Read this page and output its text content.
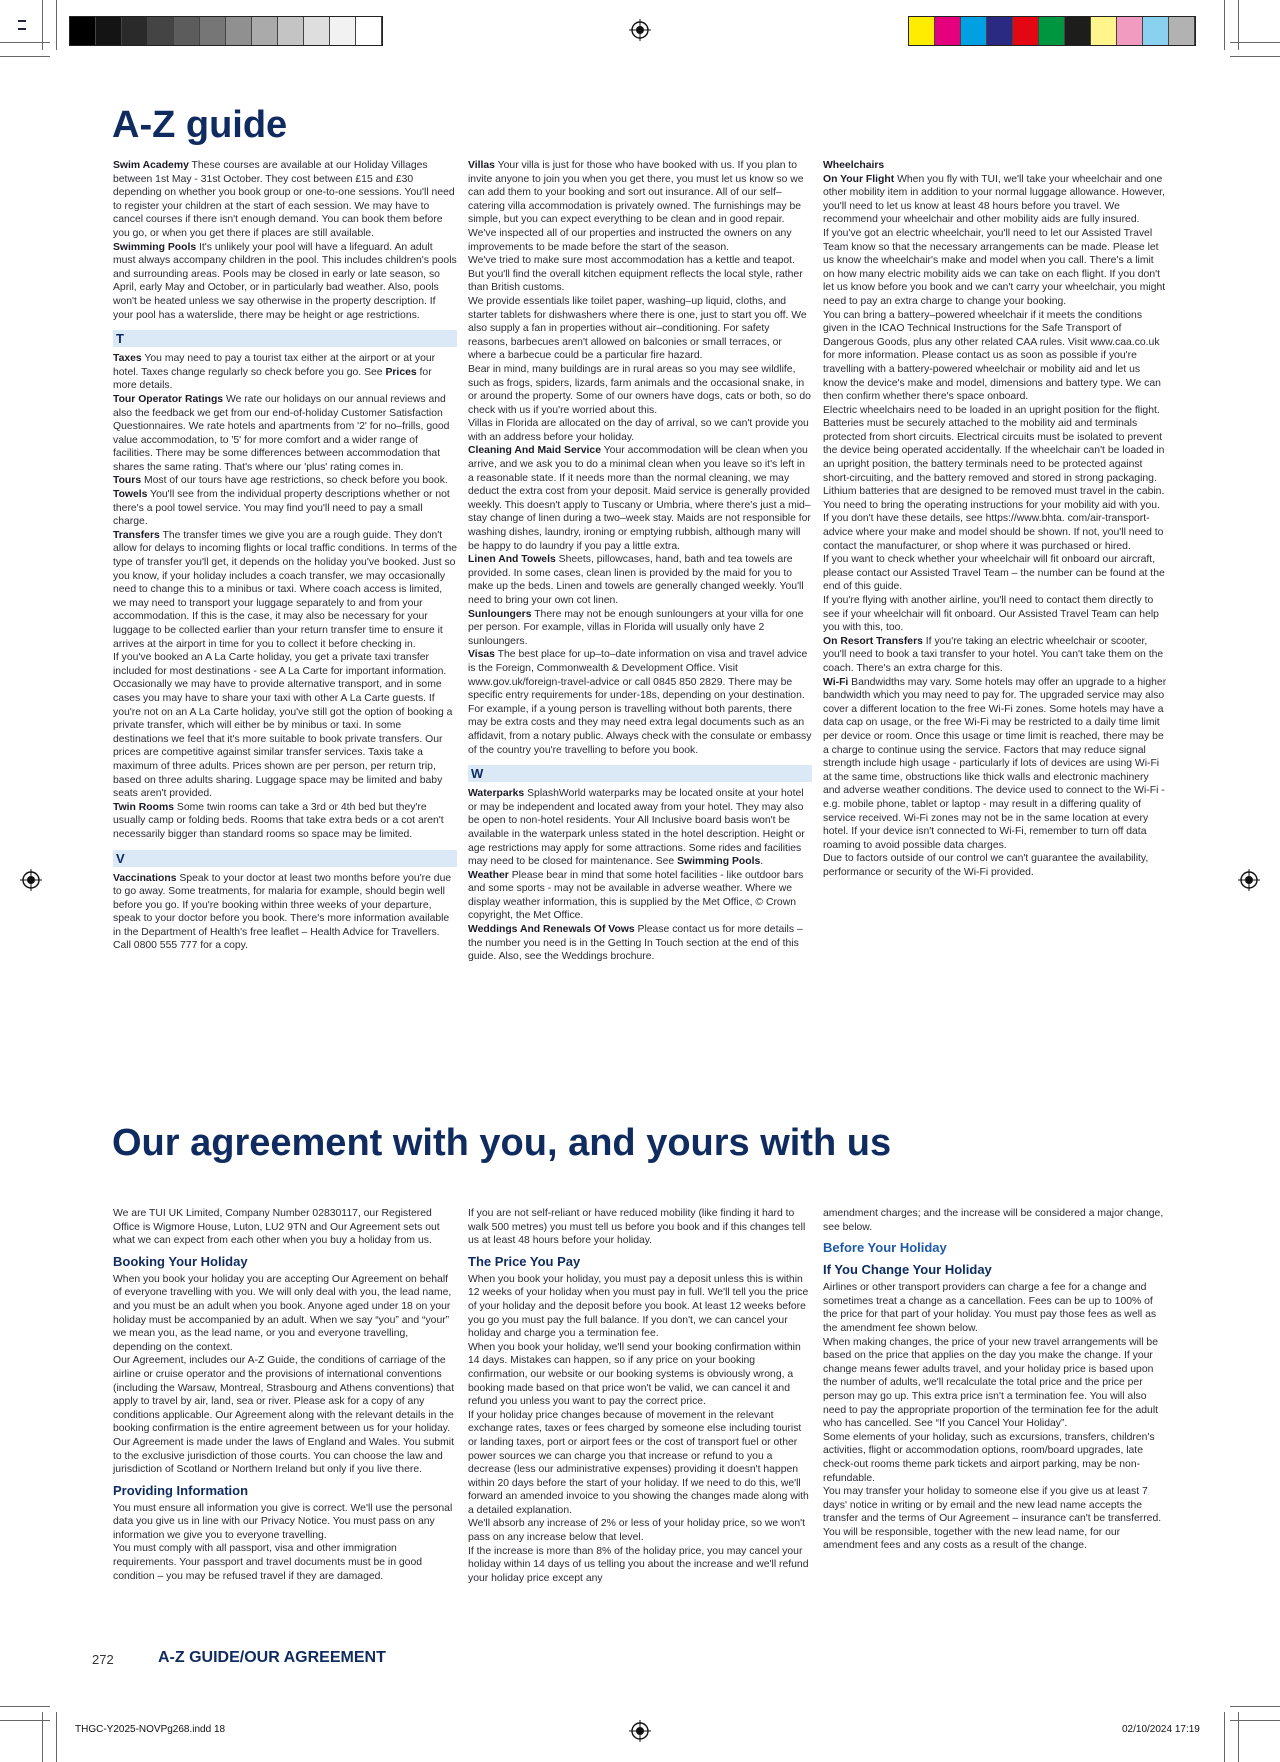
A-Z guide

Swim Academy These courses are available at our Holiday Villages between 1st May - 31st October. They cost between £15 and £30 depending on whether you book group or one-to-one sessions. You'll need to register your children at the start of each session. We may have to cancel courses if there isn't enough demand. You can book them before you go, or when you get there if places are still available.

Swimming Pools It's unlikely your pool will have a lifeguard. An adult must always accompany children in the pool. This includes children's pools and surrounding areas. Pools may be closed in early or late season, so April, early May and October, or in particularly bad weather. Also, pools won't be heated unless we say otherwise in the property description. If your pool has a waterslide, there may be height or age restrictions.

T

Taxes You may need to pay a tourist tax either at the airport or at your hotel. Taxes change regularly so check before you go. See Prices for more details.

Tour Operator Ratings We rate our holidays on our annual reviews and also the feedback we get from our end-of-holiday Customer Satisfaction Questionnaires. We rate hotels and apartments from '2' for no–frills, good value accommodation, to '5' for more comfort and a wider range of facilities. There may be some differences between accommodation that shares the same rating. That's where our 'plus' rating comes in.

Tours Most of our tours have age restrictions, so check before you book.

Towels You'll see from the individual property descriptions whether or not there's a pool towel service. You may find you'll need to pay a small charge.

Transfers The transfer times we give you are a rough guide. They don't allow for delays to incoming flights or local traffic conditions. In terms of the type of transfer you'll get, it depends on the holiday you've booked. Just so you know, if your holiday includes a coach transfer, we may occasionally need to change this to a minibus or taxi. Where coach access is limited, we may need to transport your luggage separately to and from your accommodation. If this is the case, it may also be necessary for your luggage to be collected earlier than your return transfer time to ensure it arrives at the airport in time for you to collect it before checking in.

If you've booked an A La Carte holiday, you get a private taxi transfer included for most destinations - see A La Carte for important information. Occasionally we may have to provide alternative transport, and in some cases you may have to share your taxi with other A La Carte guests. If you're not on an A La Carte holiday, you've still got the option of booking a private transfer, which will either be by minibus or taxi. In some destinations we feel that it's more suitable to book private transfers. Our prices are competitive against similar transfer services. Taxis take a maximum of three adults. Prices shown are per person, per return trip, based on three adults sharing. Luggage space may be limited and baby seats aren't provided.

Twin Rooms Some twin rooms can take a 3rd or 4th bed but they're usually camp or folding beds. Rooms that take extra beds or a cot aren't necessarily bigger than standard rooms so space may be limited.

V

Vaccinations Speak to your doctor at least two months before you're due to go away. Some treatments, for malaria for example, should begin well before you go. If you're booking within three weeks of your departure, speak to your doctor before you book. There's more information available in the Department of Health's free leaflet – Health Advice for Travellers. Call 0800 555 777 for a copy.

Villas Your villa is just for those who have booked with us. If you plan to invite anyone to join you when you get there, you must let us know so we can add them to your booking and sort out insurance. All of our self–catering villa accommodation is privately owned. The furnishings may be simple, but you can expect everything to be clean and in good repair. We've inspected all of our properties and instructed the owners on any improvements to be made before the start of the season.

We've tried to make sure most accommodation has a kettle and teapot. But you'll find the overall kitchen equipment reflects the local style, rather than British customs.

We provide essentials like toilet paper, washing–up liquid, cloths, and starter tablets for dishwashers where there is one, just to start you off. We also supply a fan in properties without air–conditioning. For safety reasons, barbecues aren't allowed on balconies or small terraces, or where a barbecue could be a particular fire hazard.

Bear in mind, many buildings are in rural areas so you may see wildlife, such as frogs, spiders, lizards, farm animals and the occasional snake, in or around the property. Some of our owners have dogs, cats or both, so do check with us if you're worried about this.

Villas in Florida are allocated on the day of arrival, so we can't provide you with an address before your holiday.

Cleaning And Maid Service Your accommodation will be clean when you arrive, and we ask you to do a minimal clean when you leave so it's left in a reasonable state. If it needs more than the normal cleaning, we may deduct the extra cost from your deposit. Maid service is generally provided weekly. This doesn't apply to Tuscany or Umbria, where there's just a mid–stay change of linen during a two–week stay. Maids are not responsible for washing dishes, laundry, ironing or emptying rubbish, although many will be happy to do laundry if you pay a little extra.

Linen And Towels Sheets, pillowcases, hand, bath and tea towels are provided. In some cases, clean linen is provided by the maid for you to make up the beds. Linen and towels are generally changed weekly. You'll need to bring your own cot linen.

Sunloungers There may not be enough sunloungers at your villa for one per person. For example, villas in Florida will usually only have 2 sunloungers.

Visas The best place for up–to–date information on visa and travel advice is the Foreign, Commonwealth & Development Office. Visit www.gov.uk/foreign-travel-advice or call 0845 850 2829. There may be specific entry requirements for under-18s, depending on your destination. For example, if a young person is travelling without both parents, there may be extra costs and they may need extra legal documents such as an affidavit, from a notary public. Always check with the consulate or embassy of the country you're travelling to before you book.

W

Waterparks SplashWorld waterparks may be located onsite at your hotel or may be independent and located away from your hotel. They may also be open to non-hotel residents. Your All Inclusive board basis won't be available in the waterpark unless stated in the hotel description. Height or age restrictions may apply for some attractions. Some rides and facilities may need to be closed for maintenance. See Swimming Pools.

Weather Please bear in mind that some hotel facilities - like outdoor bars and some sports - may not be available in adverse weather. Where we display weather information, this is supplied by the Met Office, © Crown copyright, the Met Office.

Weddings And Renewals Of Vows Please contact us for more details – the number you need is in the Getting In Touch section at the end of this guide. Also, see the Weddings brochure.

Wheelchairs

On Your Flight When you fly with TUI, we'll take your wheelchair and one other mobility item in addition to your normal luggage allowance. However, you'll need to let us know at least 48 hours before you travel. We recommend your wheelchair and other mobility aids are fully insured.

If you've got an electric wheelchair, you'll need to let our Assisted Travel Team know so that the necessary arrangements can be made. Please let us know the wheelchair's make and model when you call. There's a limit on how many electric mobility aids we can take on each flight. If you don't let us know before you book and we can't carry your wheelchair, you might need to pay an extra charge to change your booking.

You can bring a battery–powered wheelchair if it meets the conditions given in the ICAO Technical Instructions for the Safe Transport of Dangerous Goods, plus any other related CAA rules. Visit www.caa.co.uk for more information. Please contact us as soon as possible if you're travelling with a battery-powered wheelchair or mobility aid and let us know the device's make and model, dimensions and battery type. We can then confirm whether there's space onboard.

Electric wheelchairs need to be loaded in an upright position for the flight. Batteries must be securely attached to the mobility aid and terminals protected from short circuits. Electrical circuits must be isolated to prevent the device being operated accidentally. If the wheelchair can't be loaded in an upright position, the battery terminals need to be protected against short-circuiting, and the battery removed and stored in strong packaging. Lithium batteries that are designed to be removed must travel in the cabin.

You need to bring the operating instructions for your mobility aid with you. If you don't have these details, see https://www.bhta. com/air-transport-advice where your make and model should be shown. If not, you'll need to contact the manufacturer, or shop where it was purchased or hired.

If you want to check whether your wheelchair will fit onboard our aircraft, please contact our Assisted Travel Team – the number can be found at the end of this guide.

If you're flying with another airline, you'll need to contact them directly to see if your wheelchair will fit onboard. Our Assisted Travel Team can help you with this, too.

On Resort Transfers If you're taking an electric wheelchair or scooter, you'll need to book a taxi transfer to your hotel. You can't take them on the coach. There's an extra charge for this.

Wi-Fi Bandwidths may vary. Some hotels may offer an upgrade to a higher bandwidth which you may need to pay for. The upgraded service may also cover a different location to the free Wi-Fi zones. Some hotels may have a data cap on usage, or the free Wi-Fi may be restricted to a daily time limit per device or room. Once this usage or time limit is reached, there may be a charge to continue using the service. Factors that may reduce signal strength include high usage - particularly if lots of devices are using Wi-Fi at the same time, obstructions like thick walls and electronic machinery and adverse weather conditions. The device used to connect to the Wi-Fi - e.g. mobile phone, tablet or laptop - may result in a differing quality of service received. Wi-Fi zones may not be in the same location at every hotel. If your device isn't connected to Wi-Fi, remember to turn off data roaming to avoid possible data charges.

Due to factors outside of our control we can't guarantee the availability, performance or security of the Wi-Fi provided.

Our agreement with you, and yours with us

We are TUI UK Limited, Company Number 02830117, our Registered Office is Wigmore House, Luton, LU2 9TN and Our Agreement sets out what we can expect from each other when you buy a holiday from us.

Booking Your Holiday

When you book your holiday you are accepting Our Agreement on behalf of everyone travelling with you. We will only deal with you, the lead name, and you must be an adult when you book. Anyone aged under 18 on your holiday must be accompanied by an adult. When we say “you” and “your” we mean you, as the lead name, or you and everyone travelling, depending on the context.

Our Agreement, includes our A-Z Guide, the conditions of carriage of the airline or cruise operator and the provisions of international conventions (including the Warsaw, Montreal, Strasbourg and Athens conventions) that apply to travel by air, land, sea or river. Please ask for a copy of any conditions applicable. Our Agreement along with the relevant details in the booking confirmation is the entire agreement between us for your holiday.

Our Agreement is made under the laws of England and Wales. You submit to the exclusive jurisdiction of those courts. You can choose the law and jurisdiction of Scotland or Northern Ireland but only if you live there.

Providing Information

You must ensure all information you give is correct. We'll use the personal data you give us in line with our Privacy Notice. You must pass on any information we give you to everyone travelling.

You must comply with all passport, visa and other immigration requirements. Your passport and travel documents must be in good condition – you may be refused travel if they are damaged.

If you are not self-reliant or have reduced mobility (like finding it hard to walk 500 metres) you must tell us before you book and if this changes tell us at least 48 hours before your holiday.

The Price You Pay

When you book your holiday, you must pay a deposit unless this is within 12 weeks of your holiday when you must pay in full. We'll tell you the price of your holiday and the deposit before you book. At least 12 weeks before you go you must pay the full balance. If you don't, we can cancel your holiday and charge you a termination fee.

When you book your holiday, we'll send your booking confirmation within 14 days. Mistakes can happen, so if any price on your booking confirmation, our website or our booking systems is obviously wrong, a booking made based on that price won't be valid, we can cancel it and refund you unless you want to pay the correct price.

If your holiday price changes because of movement in the relevant exchange rates, taxes or fees charged by someone else including tourist or landing taxes, port or airport fees or the cost of transport fuel or other power sources we can charge you that increase or refund to you a decrease (less our administrative expenses) providing it doesn't happen within 20 days before the start of your holiday. If we need to do this, we'll forward an amended invoice to you showing the changes made along with a detailed explanation.

We'll absorb any increase of 2% or less of your holiday price, so we won't pass on any increase below that level.

If the increase is more than 8% of the holiday price, you may cancel your holiday within 14 days of us telling you about the increase and we'll refund your holiday price except any

amendment charges; and the increase will be considered a major change, see below.

Before Your Holiday
If You Change Your Holiday

Airlines or other transport providers can charge a fee for a change and sometimes treat a change as a cancellation. Fees can be up to 100% of the price for that part of your holiday. You must pay those fees as well as the amendment fee shown below.

When making changes, the price of your new travel arrangements will be based on the price that applies on the day you make the change. If your change means fewer adults travel, and your holiday price is based upon the number of adults, we'll recalculate the total price and the price per person may go up. This extra price isn't a termination fee. You will also need to pay the appropriate proportion of the termination fee for the adult who has cancelled. See “If you Cancel Your Holiday”.

Some elements of your holiday, such as excursions, transfers, children's activities, flight or accommodation options, room/board upgrades, late check-out rooms theme park tickets and airport parking, may be non-refundable.

You may transfer your holiday to someone else if you give us at least 7 days' notice in writing or by email and the new lead name accepts the transfer and the terms of Our Agreement – insurance can't be transferred. You will be responsible, together with the new lead name, for our amendment fees and any costs as a result of the change.

272	A-Z GUIDE/OUR AGREEMENT
THGC-Y2025-NOVPg268.indd 18	02/10/2024 17:19
